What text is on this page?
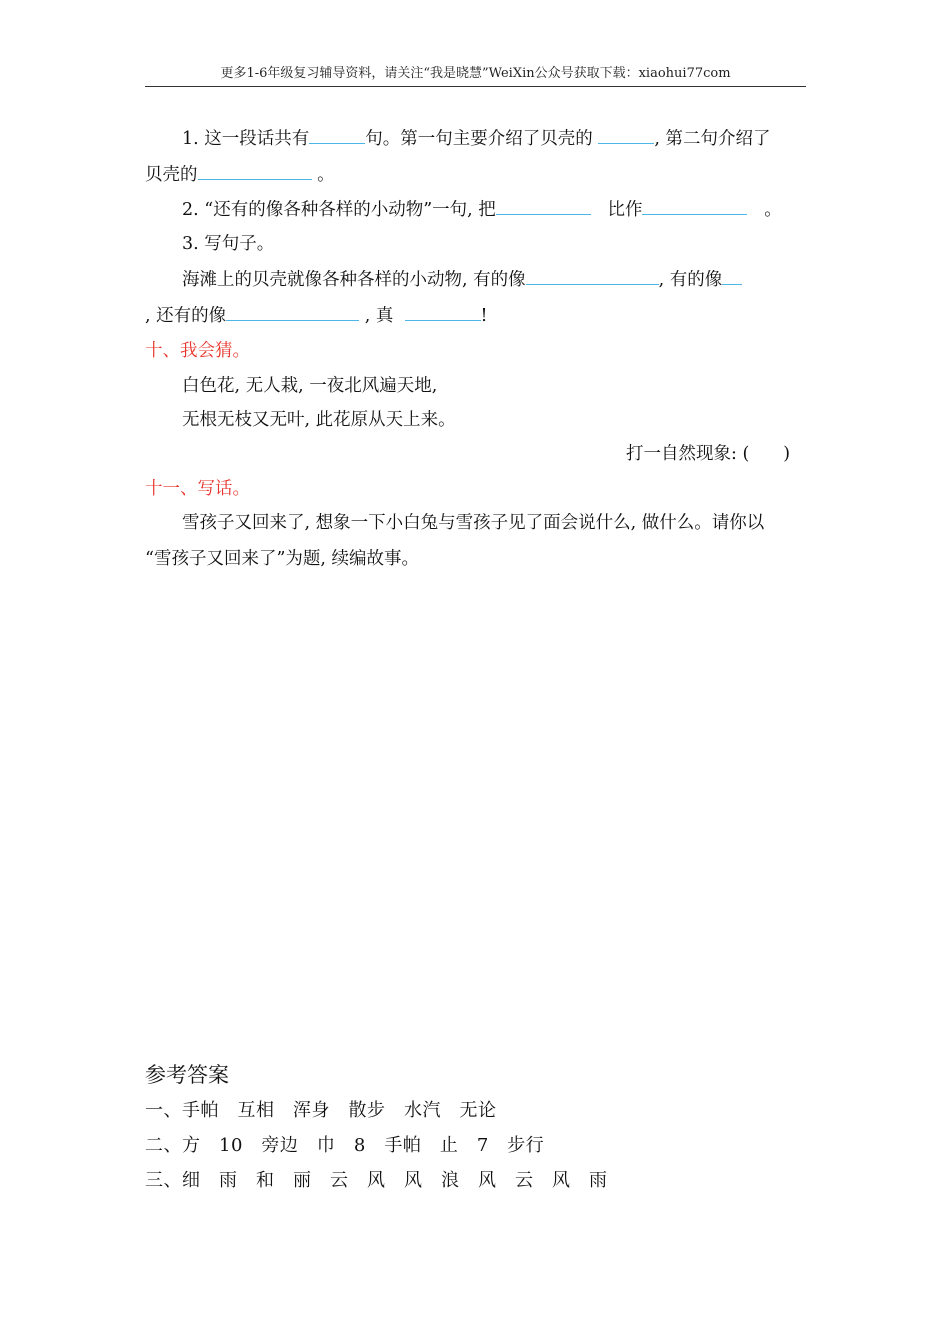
更多1-6年级复习辅导资料，请关注“我是晓慧”WeiXin公众号获取下载：xiaohui77com
1. 这一段话共有	句。第一句主要介绍了贝壳的	, 第二句介绍了
贝壳的	。
2. “还有的像各种各样的小动物”一句, 把	比作	。
3. 写句子。
海滩上的贝壳就像各种各样的小动物, 有的像	, 有的像
, 还有的像	, 真	!
十、我会猜。
白色花, 无人栽, 一夜北风遍天地,
无根无枝又无叶, 此花原从天上来。
打一自然现象: ( )
十一、写话。
雪孩子又回来了, 想象一下小白兔与雪孩子见了面会说什么, 做什么。请你以
“雪孩子又回来了”为题, 续编故事。
参考答案
一、手帕　互相　浑身　散步　水汽　无论
二、方　10　旁边　巾　8　手帕　止　7　步行
三、细　雨　和　丽　云　风　风　浪　风　云　风　雨
